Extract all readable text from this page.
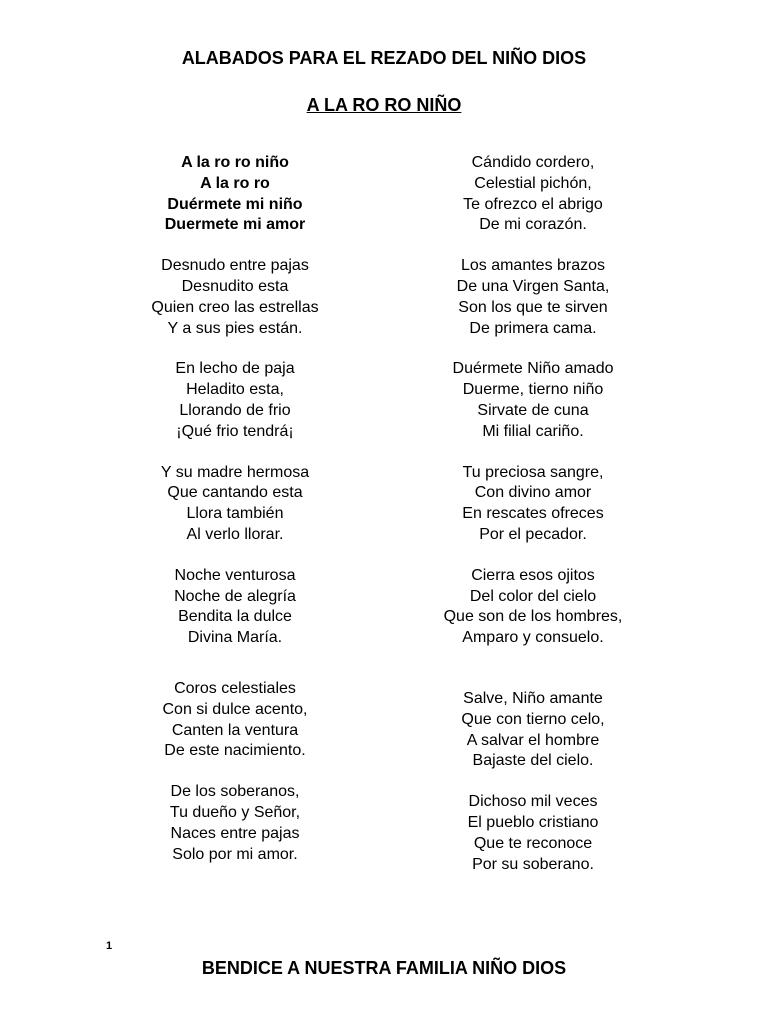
ALABADOS PARA EL REZADO DEL NIÑO DIOS
A LA RO RO NIÑO

A la ro ro niño
A la ro ro
Duérmete mi niño
Duermete mi amor

Desnudo entre pajas
Desnudito esta
Quien creo las estrellas
Y a sus pies están.

En lecho de paja
Heladito esta,
Llorando de frio
¡Qué frio tendrá¡

Y su madre hermosa
Que cantando esta
Llora también
Al verlo llorar.

Noche venturosa
Noche de alegría
Bendita la dulce
Divina María.

Coros celestiales
Con si dulce acento,
Canten la ventura
De este nacimiento.

De los soberanos,
Tu dueño y Señor,
Naces entre pajas
Solo por mi amor.

Cándido cordero,
Celestial pichón,
Te ofrezco el abrigo
De mi corazón.

Los amantes brazos
De una Virgen Santa,
Son los que te sirven
De primera cama.

Duérmete Niño amado
Duerme, tierno niño
Sirvate de cuna
Mi filial cariño.

Tu preciosa sangre,
Con divino amor
En rescates ofreces
Por el pecador.

Cierra esos ojitos
Del color del cielo
Que son de los hombres,
Amparo y consuelo.

Salve, Niño amante
Que con tierno celo,
A salvar el hombre
Bajaste del cielo.

Dichoso mil veces
El pueblo cristiano
Que te reconoce
Por su soberano.

1
BENDICE A NUESTRA FAMILIA NIÑO DIOS
